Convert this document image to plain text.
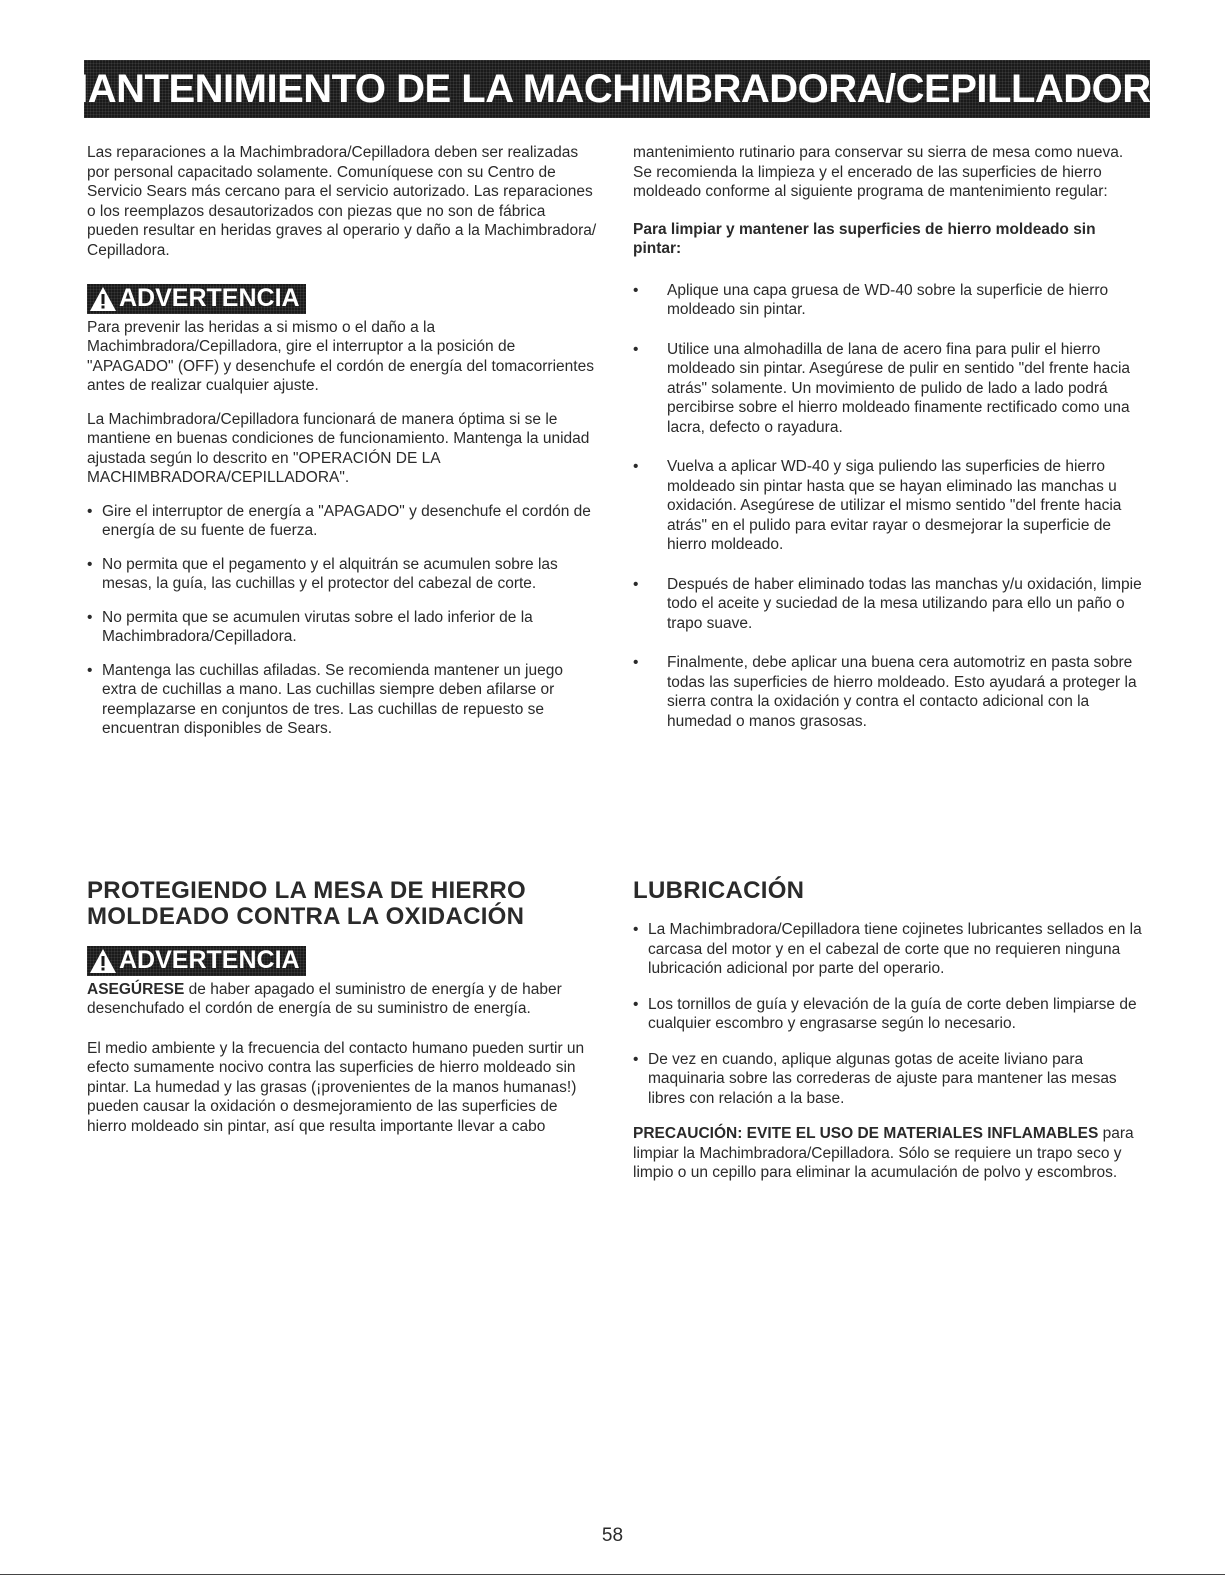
MANTENIMIENTO DE LA MACHIMBRADORA/CEPILLADORA

Las reparaciones a la Machimbradora/Cepilladora deben ser realizadas por personal capacitado solamente. Comuníquese con su Centro de Servicio Sears más cercano para el servicio autorizado. Las reparaciones o los reemplazos desautorizados con piezas que no son de fábrica pueden resultar en heridas graves al operario y daño a la Machimbradora/ Cepilladora.

ADVERTENCIA

Para prevenir las heridas a si mismo o el daño a la Machimbradora/Cepilladora, gire el interruptor a la posición de "APAGADO" (OFF) y desenchufe el cordón de energía del tomacorrientes antes de realizar cualquier ajuste.

La Machimbradora/Cepilladora funcionará de manera óptima si se le mantiene en buenas condiciones de funcionamiento. Mantenga la unidad ajustada según lo descrito en "OPERACIÓN DE LA MACHIMBRADORA/CEPILLADORA".

• Gire el interruptor de energía a "APAGADO" y desenchufe el cordón de energía de su fuente de fuerza.
• No permita que el pegamento y el alquitrán se acumulen sobre las mesas, la guía, las cuchillas y el protector del cabezal de corte.
• No permita que se acumulen virutas sobre el lado inferior de la Machimbradora/Cepilladora.
• Mantenga las cuchillas afiladas. Se recomienda mantener un juego extra de cuchillas a mano. Las cuchillas siempre deben afilarse or reemplazarse en conjuntos de tres. Las cuchillas de repuesto se encuentran disponibles de Sears.

mantenimiento rutinario para conservar su sierra de mesa como nueva. Se recomienda la limpieza y el encerado de las superficies de hierro moldeado conforme al siguiente programa de mantenimiento regular:

Para limpiar y mantener las superficies de hierro moldeado sin pintar:

• Aplique una capa gruesa de WD-40 sobre la superficie de hierro moldeado sin pintar.
• Utilice una almohadilla de lana de acero fina para pulir el hierro moldeado sin pintar. Asegúrese de pulir en sentido "del frente hacia atrás" solamente. Un movimiento de pulido de lado a lado podrá percibirse sobre el hierro moldeado finamente rectificado como una lacra, defecto o rayadura.
• Vuelva a aplicar WD-40 y siga puliendo las superficies de hierro moldeado sin pintar hasta que se hayan eliminado las manchas u oxidación. Asegúrese de utilizar el mismo sentido "del frente hacia atrás" en el pulido para evitar rayar o desmejorar la superficie de hierro moldeado.
• Después de haber eliminado todas las manchas y/u oxidación, limpie todo el aceite y suciedad de la mesa utilizando para ello un paño o trapo suave.
• Finalmente, debe aplicar una buena cera automotriz en pasta sobre todas las superficies de hierro moldeado. Esto ayudará a proteger la sierra contra la oxidación y contra el contacto adicional con la humedad o manos grasosas.
PROTEGIENDO LA MESA DE HIERRO
MOLDEADO CONTRA LA OXIDACIÓN
ADVERTENCIA

ASEGÚRESE de haber apagado el suministro de energía y de haber desenchufado el cordón de energía de su suministro de energía.

El medio ambiente y la frecuencia del contacto humano pueden surtir un efecto sumamente nocivo contra las superficies de hierro moldeado sin pintar. La humedad y las grasas (¡provenientes de la manos humanas!) pueden causar la oxidación o desmejoramiento de las superficies de hierro moldeado sin pintar, así que resulta importante llevar a cabo

LUBRICACIÓN
• La Machimbradora/Cepilladora tiene cojinetes lubricantes sellados en la carcasa del motor y en el cabezal de corte que no requieren ninguna lubricación adicional por parte del operario.
• Los tornillos de guía y elevación de la guía de corte deben limpiarse de cualquier escombro y engrasarse según lo necesario.
• De vez en cuando, aplique algunas gotas de aceite liviano para maquinaria sobre las correderas de ajuste para mantener las mesas libres con relación a la base.

PRECAUCIÓN: EVITE EL USO DE MATERIALES INFLAMABLES para limpiar la Machimbradora/Cepilladora. Sólo se requiere un trapo seco y limpio o un cepillo para eliminar la acumulación de polvo y escombros.

58
